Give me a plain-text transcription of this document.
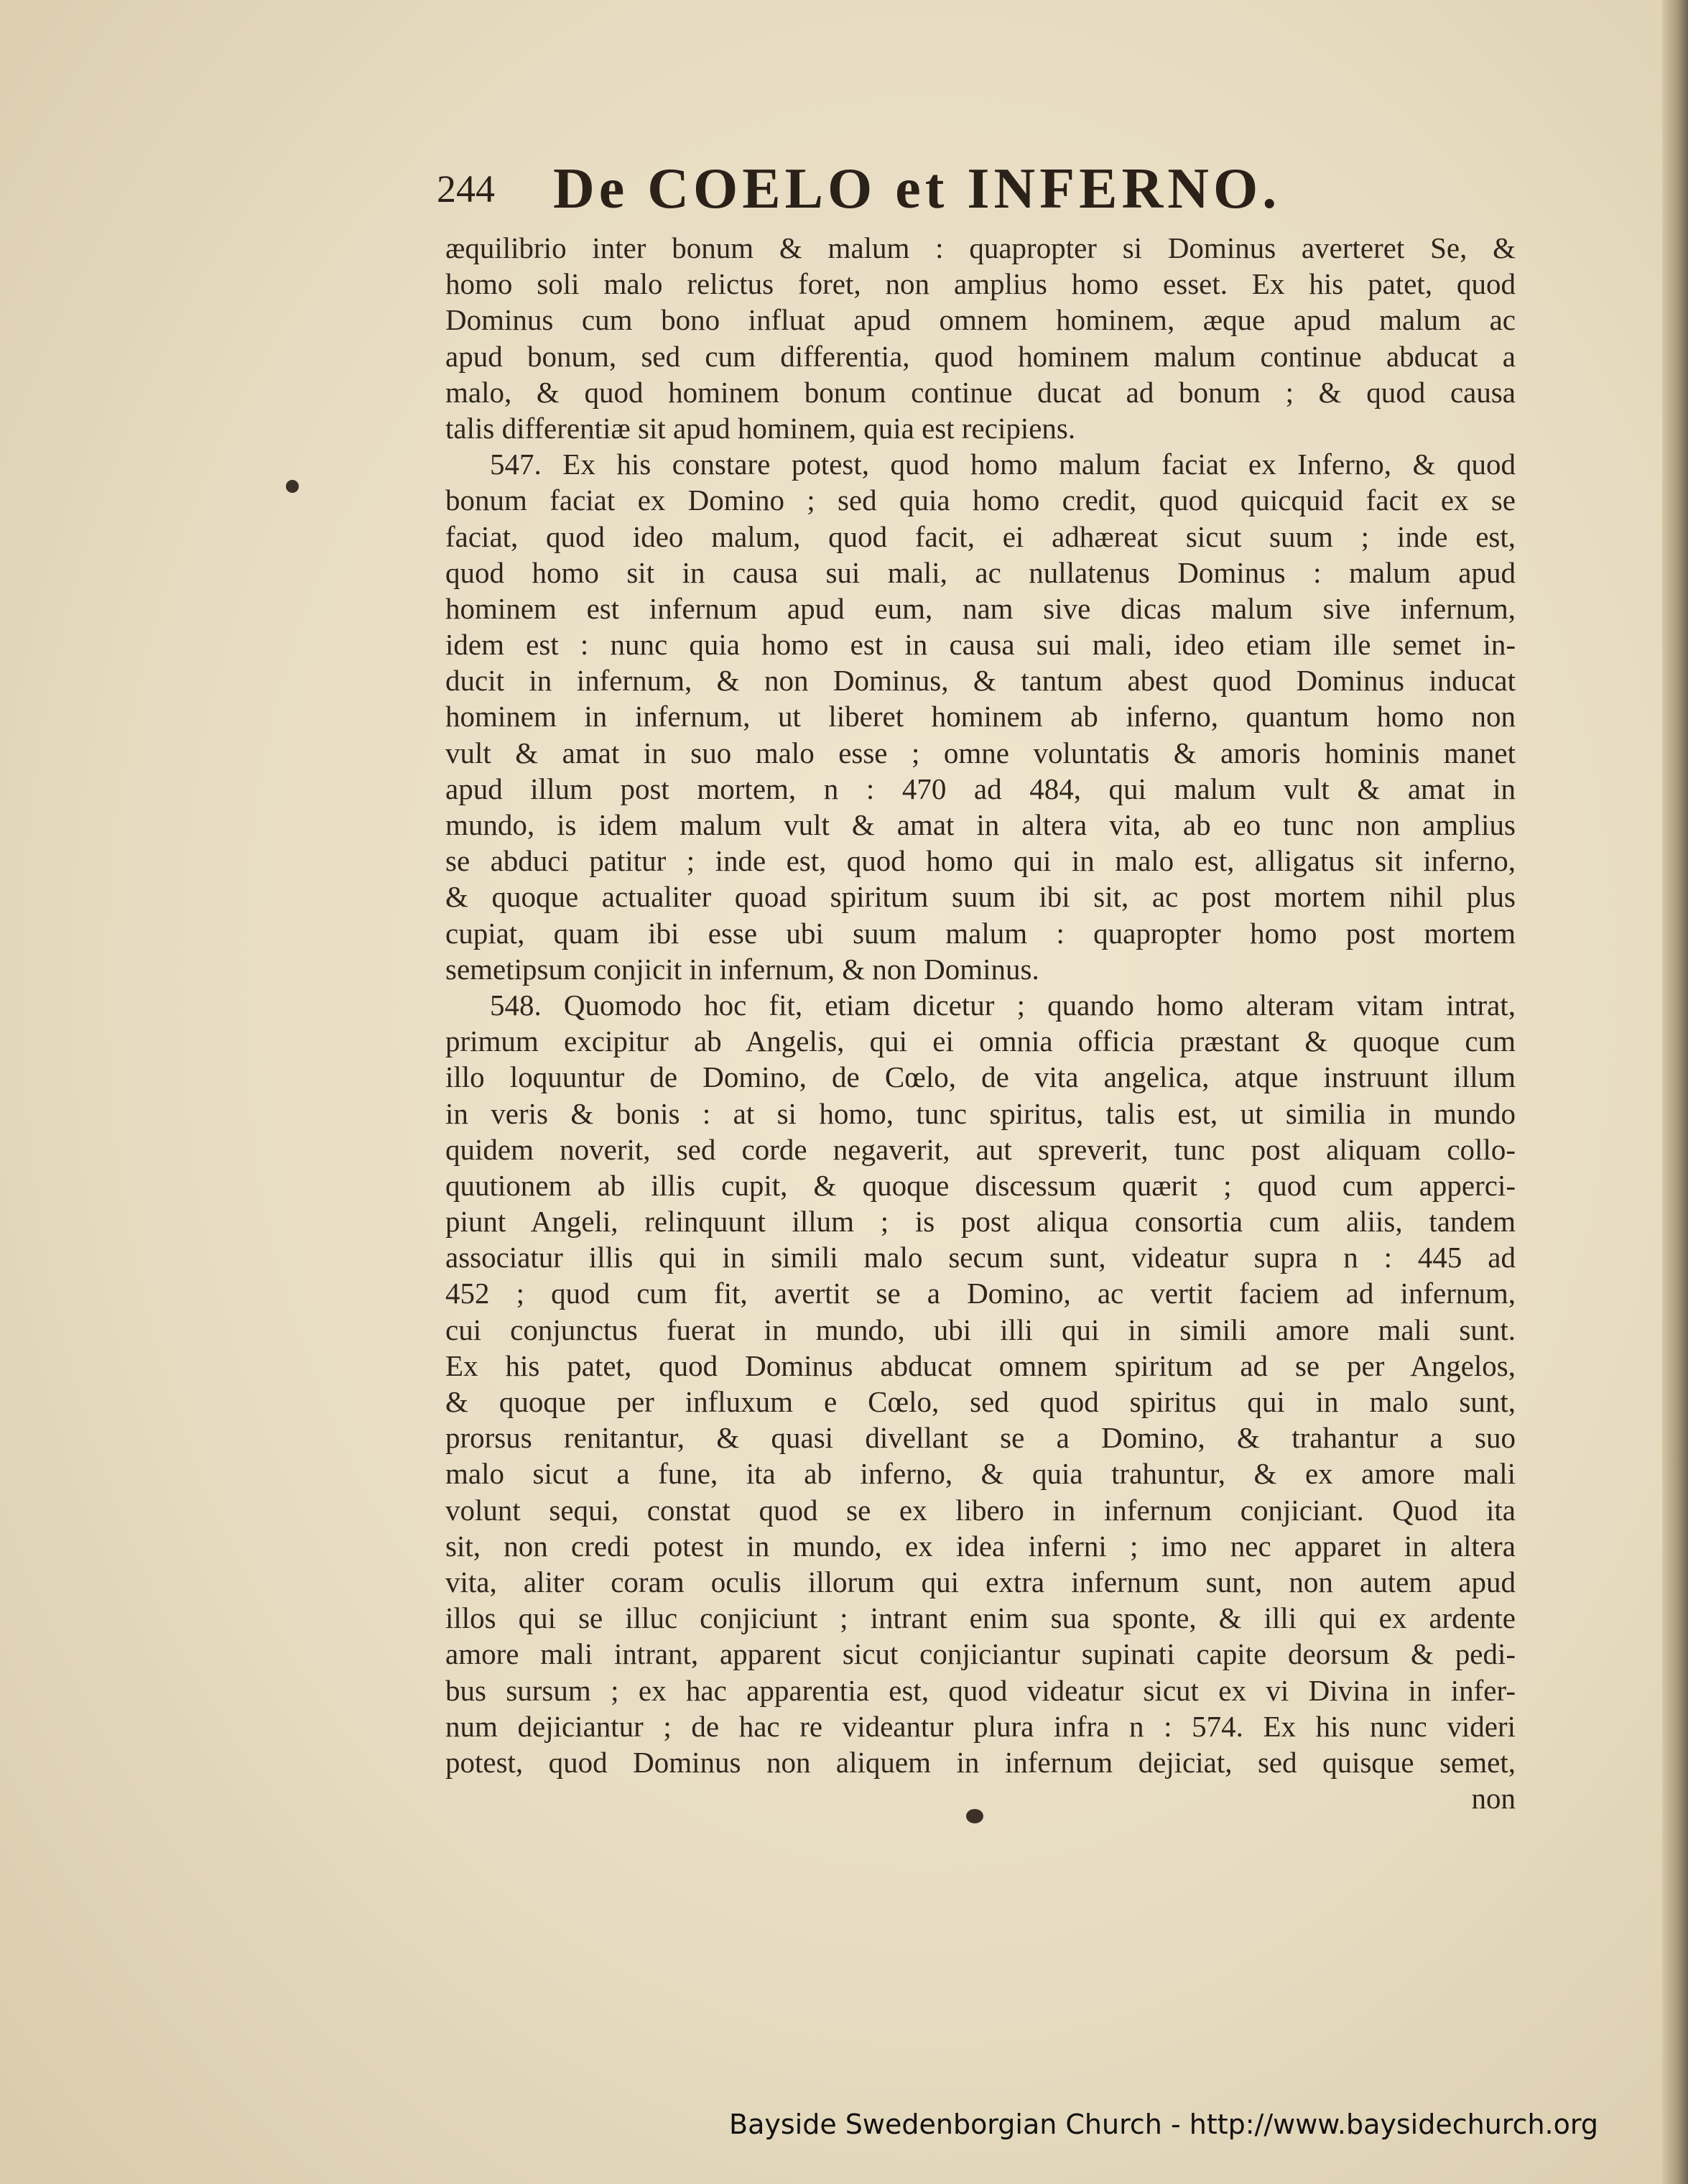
244 De COELO et INFERNO.
æquilibrio inter bonum & malum : quapropter si Dominus averteret Se, &
homo soli malo relictus foret, non amplius homo esset. Ex his patet, quod
Dominus cum bono influat apud omnem hominem, æque apud malum ac
apud bonum, sed cum differentia, quod hominem malum continue abducat a
malo, & quod hominem bonum continue ducat ad bonum ; & quod causa
talis differentiæ sit apud hominem, quia est recipiens.
547. Ex his constare potest, quod homo malum faciat ex Inferno, & quod
bonum faciat ex Domino ; sed quia homo credit, quod quicquid facit ex se
faciat, quod ideo malum, quod facit, ei adhæreat sicut suum ; inde est,
quod homo sit in causa sui mali, ac nullatenus Dominus : malum apud
hominem est infernum apud eum, nam sive dicas malum sive infernum,
idem est : nunc quia homo est in causa sui mali, ideo etiam ille semet in-
ducit in infernum, & non Dominus, & tantum abest quod Dominus inducat
hominem in infernum, ut liberet hominem ab inferno, quantum homo non
vult & amat in suo malo esse ; omne voluntatis & amoris hominis manet
apud illum post mortem, n : 470 ad 484, qui malum vult & amat in
mundo, is idem malum vult & amat in altera vita, ab eo tunc non amplius
se abduci patitur ; inde est, quod homo qui in malo est, alligatus sit inferno,
& quoque actualiter quoad spiritum suum ibi sit, ac post mortem nihil plus
cupiat, quam ibi esse ubi suum malum : quapropter homo post mortem
semetipsum conjicit in infernum, & non Dominus.
548. Quomodo hoc fit, etiam dicetur ; quando homo alteram vitam intrat,
primum excipitur ab Angelis, qui ei omnia officia præstant & quoque cum
illo loquuntur de Domino, de Cœlo, de vita angelica, atque instruunt illum
in veris & bonis : at si homo, tunc spiritus, talis est, ut similia in mundo
quidem noverit, sed corde negaverit, aut spreverit, tunc post aliquam collo-
quutionem ab illis cupit, & quoque discessum quærit ; quod cum apperci-
piunt Angeli, relinquunt illum ; is post aliqua consortia cum aliis, tandem
associatur illis qui in simili malo secum sunt, videatur supra n : 445 ad
452 ; quod cum fit, avertit se a Domino, ac vertit faciem ad infernum,
cui conjunctus fuerat in mundo, ubi illi qui in simili amore mali sunt.
Ex his patet, quod Dominus abducat omnem spiritum ad se per Angelos,
& quoque per influxum e Cœlo, sed quod spiritus qui in malo sunt,
prorsus renitantur, & quasi divellant se a Domino, & trahantur a suo
malo sicut a fune, ita ab inferno, & quia trahuntur, & ex amore mali
volunt sequi, constat quod se ex libero in infernum conjiciant. Quod ita
sit, non credi potest in mundo, ex idea inferni ; imo nec apparet in altera
vita, aliter coram oculis illorum qui extra infernum sunt, non autem apud
illos qui se illuc conjiciunt ; intrant enim sua sponte, & illi qui ex ardente
amore mali intrant, apparent sicut conjiciantur supinati capite deorsum & pedi-
bus sursum ; ex hac apparentia est, quod videatur sicut ex vi Divina in infer-
num dejiciantur ; de hac re videantur plura infra n : 574. Ex his nunc videri
potest, quod Dominus non aliquem in infernum dejiciat, sed quisque semet,
non
Bayside Swedenborgian Church - http://www.baysidechurch.org
